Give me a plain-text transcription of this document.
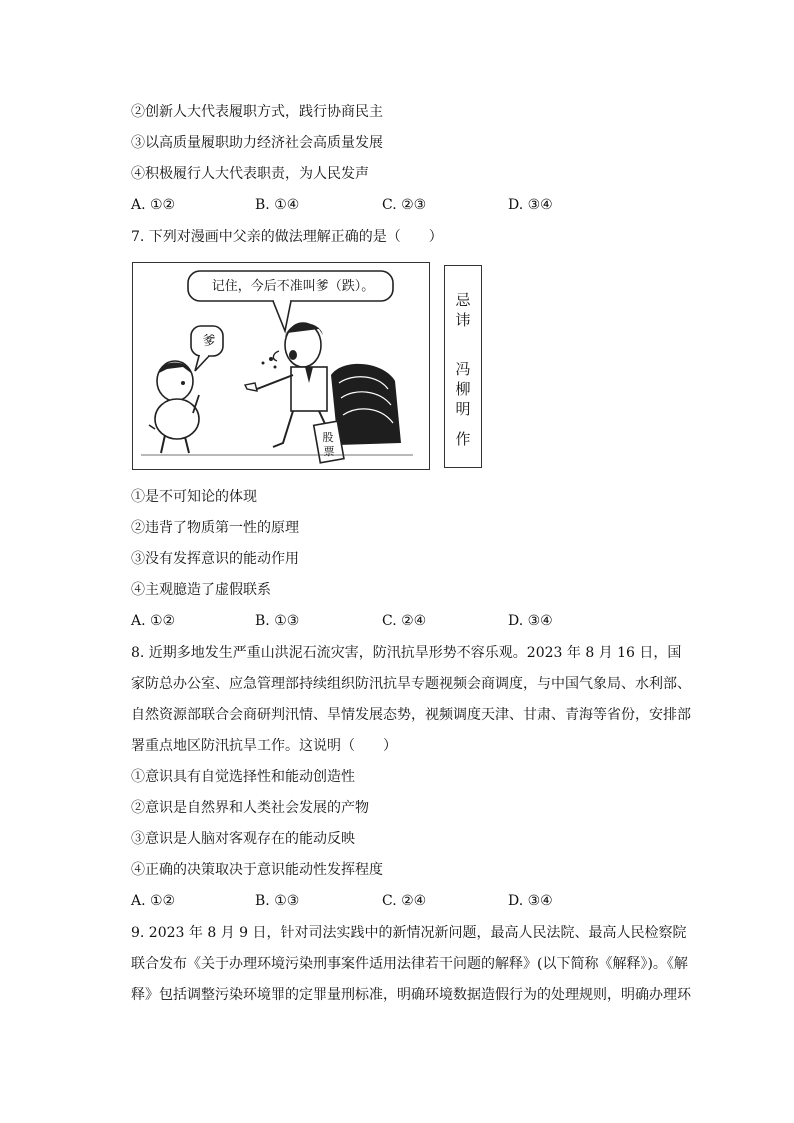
②创新人大代表履职方式，践行协商民主
③以高质量履职助力经济社会高质量发展
④积极履行人大代表职责，为人民发声
A. ①②	B. ①④	C. ②③	D. ③④
7. 下列对漫画中父亲的做法理解正确的是（　　）
股
票
记住，今后不准叫爹（跌）。
爹
忌
讳
冯
柳
明
作
①是不可知论的体现
②违背了物质第一性的原理
③没有发挥意识的能动作用
④主观臆造了虚假联系
A. ①②	B. ①③	C. ②④	D. ③④
8. 近期多地发生严重山洪泥石流灾害，防汛抗旱形势不容乐观。2023 年 8 月 16 日，国家防总办公室、应急管理部持续组织防汛抗旱专题视频会商调度，与中国气象局、水利部、自然资源部联合会商研判汛情、旱情发展态势，视频调度天津、甘肃、青海等省份，安排部署重点地区防汛抗旱工作。这说明（　　）
①意识具有自觉选择性和能动创造性
②意识是自然界和人类社会发展的产物
③意识是人脑对客观存在的能动反映
④正确的决策取决于意识能动性发挥程度
A. ①②	B. ①③	C. ②④	D. ③④
9. 2023 年 8 月 9 日，针对司法实践中的新情况新问题，最高人民法院、最高人民检察院联合发布《关于办理环境污染刑事案件适用法律若干问题的解释》(以下简称《解释》)。《解释》包括调整污染环境罪的定罪量刑标准，明确环境数据造假行为的处理规则，明确办理环
